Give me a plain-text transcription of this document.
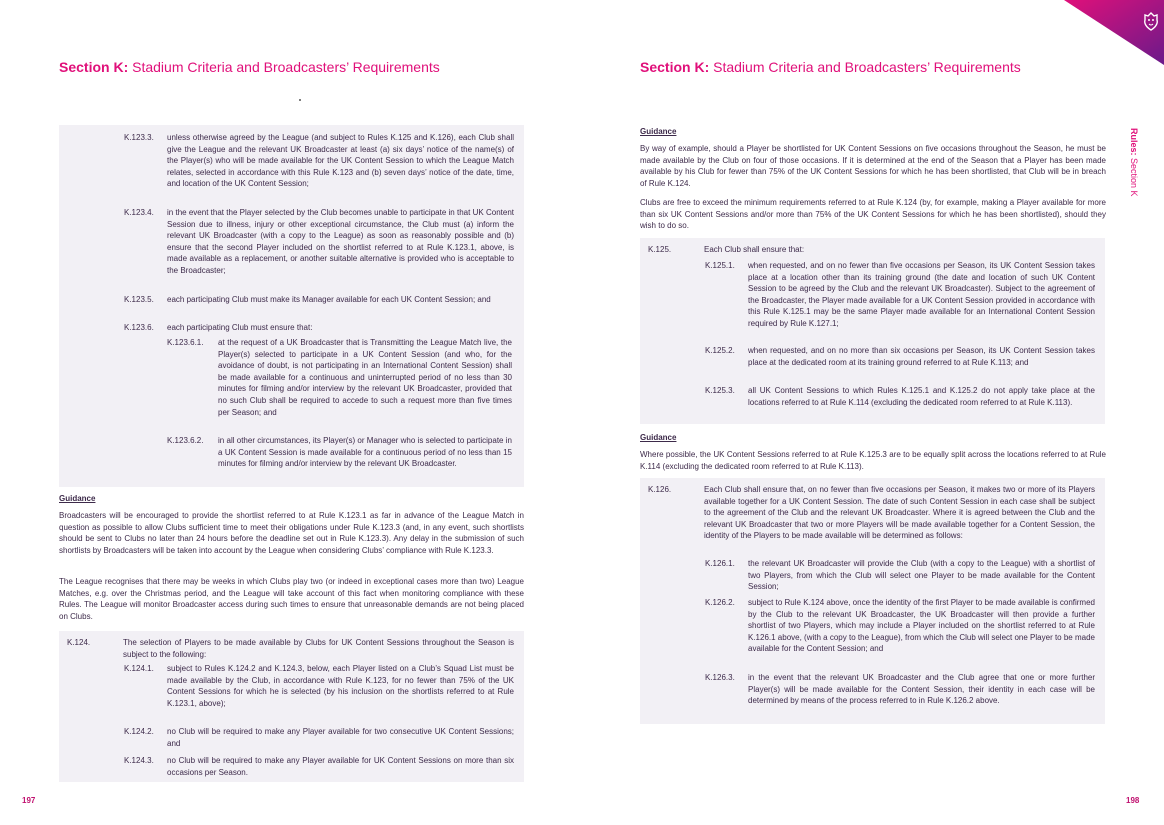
Section K: Stadium Criteria and Broadcasters’ Requirements
K.123.3. unless otherwise agreed by the League (and subject to Rules K.125 and K.126), each Club shall give the League and the relevant UK Broadcaster at least (a) six days’ notice of the name(s) of the Player(s) who will be made available for the UK Content Session to which the League Match relates, selected in accordance with this Rule K.123 and (b) seven days’ notice of the date, time, and location of the UK Content Session;
K.123.4. in the event that the Player selected by the Club becomes unable to participate in that UK Content Session due to illness, injury or other exceptional circumstance, the Club must (a) inform the relevant UK Broadcaster (with a copy to the League) as soon as reasonably possible and (b) ensure that the second Player included on the shortlist referred to at Rule K.123.1, above, is made available as a replacement, or another suitable alternative is provided who is acceptable to the Broadcaster;
K.123.5. each participating Club must make its Manager available for each UK Content Session; and
K.123.6. each participating Club must ensure that:
K.123.6.1. at the request of a UK Broadcaster that is Transmitting the League Match live, the Player(s) selected to participate in a UK Content Session (and who, for the avoidance of doubt, is not participating in an International Content Session) shall be made available for a continuous and uninterrupted period of no less than 30 minutes for filming and/or interview by the relevant UK Broadcaster, provided that no such Club shall be required to accede to such a request more than five times per Season; and
K.123.6.2. in all other circumstances, its Player(s) or Manager who is selected to participate in a UK Content Session is made available for a continuous period of no less than 15 minutes for filming and/or interview by the relevant UK Broadcaster.
Guidance
Broadcasters will be encouraged to provide the shortlist referred to at Rule K.123.1 as far in advance of the League Match in question as possible to allow Clubs sufficient time to meet their obligations under Rule K.123.3 (and, in any event, such shortlists should be sent to Clubs no later than 24 hours before the deadline set out in Rule K.123.3). Any delay in the submission of such shortlists by Broadcasters will be taken into account by the League when considering Clubs’ compliance with Rule K.123.3.
The League recognises that there may be weeks in which Clubs play two (or indeed in exceptional cases more than two) League Matches, e.g. over the Christmas period, and the League will take account of this fact when monitoring compliance with these Rules. The League will monitor Broadcaster access during such times to ensure that unreasonable demands are not being placed on Clubs.
K.124.	The selection of Players to be made available by Clubs for UK Content Sessions throughout the Season is subject to the following:
K.124.1. subject to Rules K.124.2 and K.124.3, below, each Player listed on a Club’s Squad List must be made available by the Club, in accordance with Rule K.123, for no fewer than 75% of the UK Content Sessions for which he is selected (by his inclusion on the shortlists referred to at Rule K.123.1, above);
K.124.2. no Club will be required to make any Player available for two consecutive UK Content Sessions; and
K.124.3. no Club will be required to make any Player available for UK Content Sessions on more than six occasions per Season.
197
Section K: Stadium Criteria and Broadcasters’ Requirements
Rules: Section K
Guidance
By way of example, should a Player be shortlisted for UK Content Sessions on five occasions throughout the Season, he must be made available by the Club on four of those occasions. If it is determined at the end of the Season that a Player has been made available by his Club for fewer than 75% of the UK Content Sessions for which he has been shortlisted, that Club will be in breach of Rule K.124.
Clubs are free to exceed the minimum requirements referred to at Rule K.124 (by, for example, making a Player available for more than six UK Content Sessions and/or more than 75% of the UK Content Sessions for which he has been shortlisted), should they wish to do so.
K.125.	Each Club shall ensure that:
K.125.1. when requested, and on no fewer than five occasions per Season, its UK Content Session takes place at a location other than its training ground (the date and location of such UK Content Session to be agreed by the Club and the relevant UK Broadcaster). Subject to the agreement of the Broadcaster, the Player made available for a UK Content Session provided in accordance with this Rule K.125.1 may be the same Player made available for an International Content Session required by Rule K.127.1;
K.125.2. when requested, and on no more than six occasions per Season, its UK Content Session takes place at the dedicated room at its training ground referred to at Rule K.113; and
K.125.3. all UK Content Sessions to which Rules K.125.1 and K.125.2 do not apply take place at the locations referred to at Rule K.114 (excluding the dedicated room referred to at Rule K.113).
Guidance
Where possible, the UK Content Sessions referred to at Rule K.125.3 are to be equally split across the locations referred to at Rule K.114 (excluding the dedicated room referred to at Rule K.113).
K.126.	Each Club shall ensure that, on no fewer than five occasions per Season, it makes two or more of its Players available together for a UK Content Session. The date of such Content Session in each case shall be subject to the agreement of the Club and the relevant UK Broadcaster. Where it is agreed between the Club and the relevant UK Broadcaster that two or more Players will be made available together for a Content Session, the identity of the Players to be made available will be determined as follows:
K.126.1. the relevant UK Broadcaster will provide the Club (with a copy to the League) with a shortlist of two Players, from which the Club will select one Player to be made available for the Content Session;
K.126.2. subject to Rule K.124 above, once the identity of the first Player to be made available is confirmed by the Club to the relevant UK Broadcaster, the UK Broadcaster will then provide a further shortlist of two Players, which may include a Player included on the shortlist referred to at Rule K.126.1 above, (with a copy to the League), from which the Club will select one Player to be made available for the Content Session; and
K.126.3. in the event that the relevant UK Broadcaster and the Club agree that one or more further Player(s) will be made available for the Content Session, their identity in each case will be determined by means of the process referred to in Rule K.126.2 above.
198
